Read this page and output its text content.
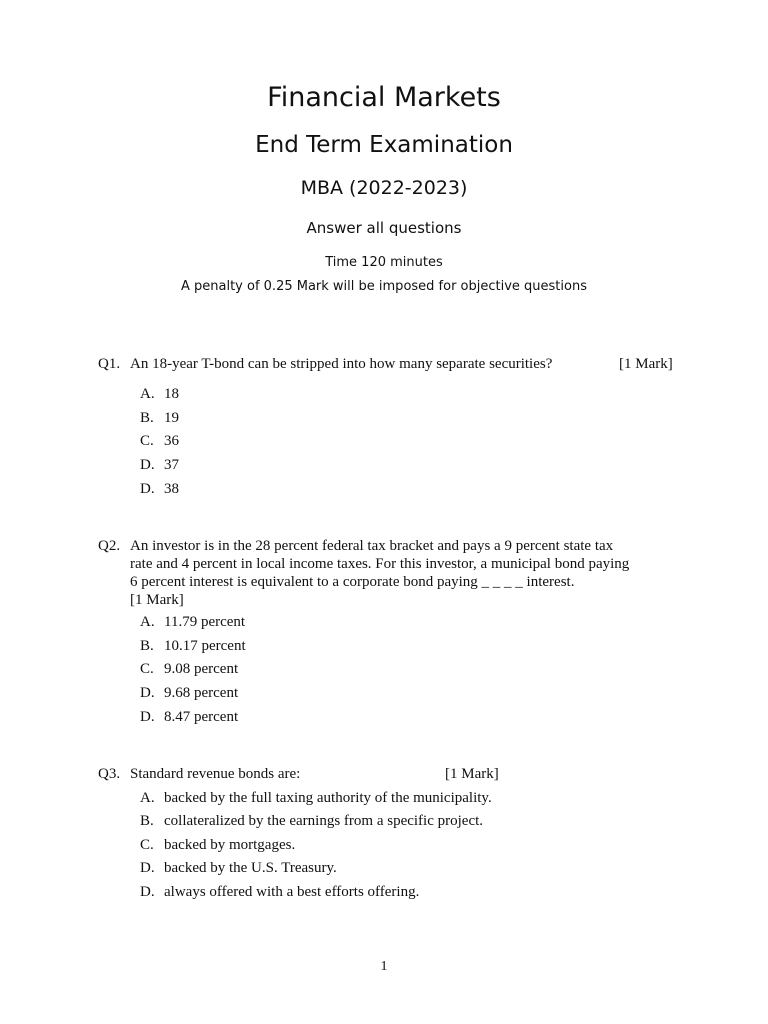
Financial Markets
End Term Examination
MBA (2022-2023)
Answer all questions
Time 120 minutes
A penalty of 0.25 Mark will be imposed for objective questions
Q1. An 18-year T-bond can be stripped into how many separate securities?	[1 Mark]
A. 18
B. 19
C. 36
D. 37
D. 38
Q2. An investor is in the 28 percent federal tax bracket and pays a 9 percent state tax
rate and 4 percent in local income taxes. For this investor, a municipal bond paying
6 percent interest is equivalent to a corporate bond paying _ _ _ _ interest.
[1 Mark]
A. 11.79 percent
B. 10.17 percent
C. 9.08 percent
D. 9.68 percent
D. 8.47 percent
Q3. Standard revenue bonds are:	[1 Mark]
A. backed by the full taxing authority of the municipality.
B. collateralized by the earnings from a specific project.
C. backed by mortgages.
D. backed by the U.S. Treasury.
D. always offered with a best efforts offering.
1
